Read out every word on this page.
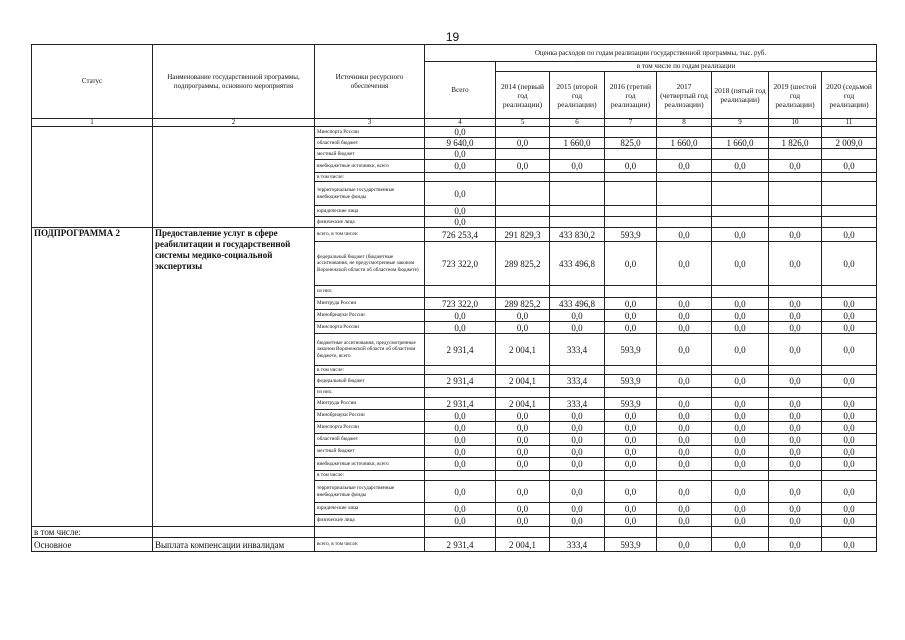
19
Статус	Наименование государственной программы, подпрограммы, основного мероприятия	Источники ресурсного обеспечения	Оценка расходов по годам реализации государственной программы, тыс. руб.							
			Всего	в том числе по годам реализации						
				2014 (первый год реализации)	2015 (второй год реализации)	2016 (третий год реализации)	2017 (четвертый год реализации)	2018 (пятый год реализации)	2019 (шестой год реализации)	2020 (седьмой год реализации)
1	2	3	4	5	6	7	8	9	10	11
		Минспорта России	0,0							
		областной бюджет	9 640,0	0,0	1 660,0	825,0	1 660,0	1 660,0	1 826,0	2 009,0
		местный бюджет	0,0							
		внебюджетные источники, всего	0,0	0,0	0,0	0,0	0,0	0,0	0,0	0,0
		в том числе:								
		территориальные государственные внебюджетные фонды	0,0							
		юридические лица	0,0							
		физические лица	0,0							
ПОДПРОГРАММА 2	Предоставление услуг в сфере реабилитации и государственной системы медико-социальной экспертизы	всего, в том числе:	726 253,4	291 829,3	433 830,2	593,9	0,0	0,0	0,0	0,0
		федеральный бюджет (бюджетные ассигнования, не предусмотренные законом Воронежской области об областном бюджете)	723 322,0	289 825,2	433 496,8	0,0	0,0	0,0	0,0	0,0
		из них:								
		Минтруда России	723 322,0	289 825,2	433 496,8	0,0	0,0	0,0	0,0	0,0
		Минобрнауки России	0,0	0,0	0,0	0,0	0,0	0,0	0,0	0,0
		Минспорта России	0,0	0,0	0,0	0,0	0,0	0,0	0,0	0,0
		бюджетные ассигнования, предусмотренные законом Воронежской области об областном бюджете, всего	2 931,4	2 004,1	333,4	593,9	0,0	0,0	0,0	0,0
		в том числе:								
		федеральный бюджет	2 931,4	2 004,1	333,4	593,9	0,0	0,0	0,0	0,0
		из них:								
		Минтруда России	2 931,4	2 004,1	333,4	593,9	0,0	0,0	0,0	0,0
		Минобрнауки России	0,0	0,0	0,0	0,0	0,0	0,0	0,0	0,0
		Минспорта России	0,0	0,0	0,0	0,0	0,0	0,0	0,0	0,0
		областной бюджет	0,0	0,0	0,0	0,0	0,0	0,0	0,0	0,0
		местный бюджет	0,0	0,0	0,0	0,0	0,0	0,0	0,0	0,0
		внебюджетные источники, всего	0,0	0,0	0,0	0,0	0,0	0,0	0,0	0,0
		в том числе:								
		территориальные государственные внебюджетные фонды	0,0	0,0	0,0	0,0	0,0	0,0	0,0	0,0
		юридические лица	0,0	0,0	0,0	0,0	0,0	0,0	0,0	0,0
		физические лица	0,0	0,0	0,0	0,0	0,0	0,0	0,0	0,0
в том числе:										
Основное	Выплата компенсации инвалидам	всего, в том числе:	2 931,4	2 004,1	333,4	593,9	0,0	0,0	0,0	0,0
